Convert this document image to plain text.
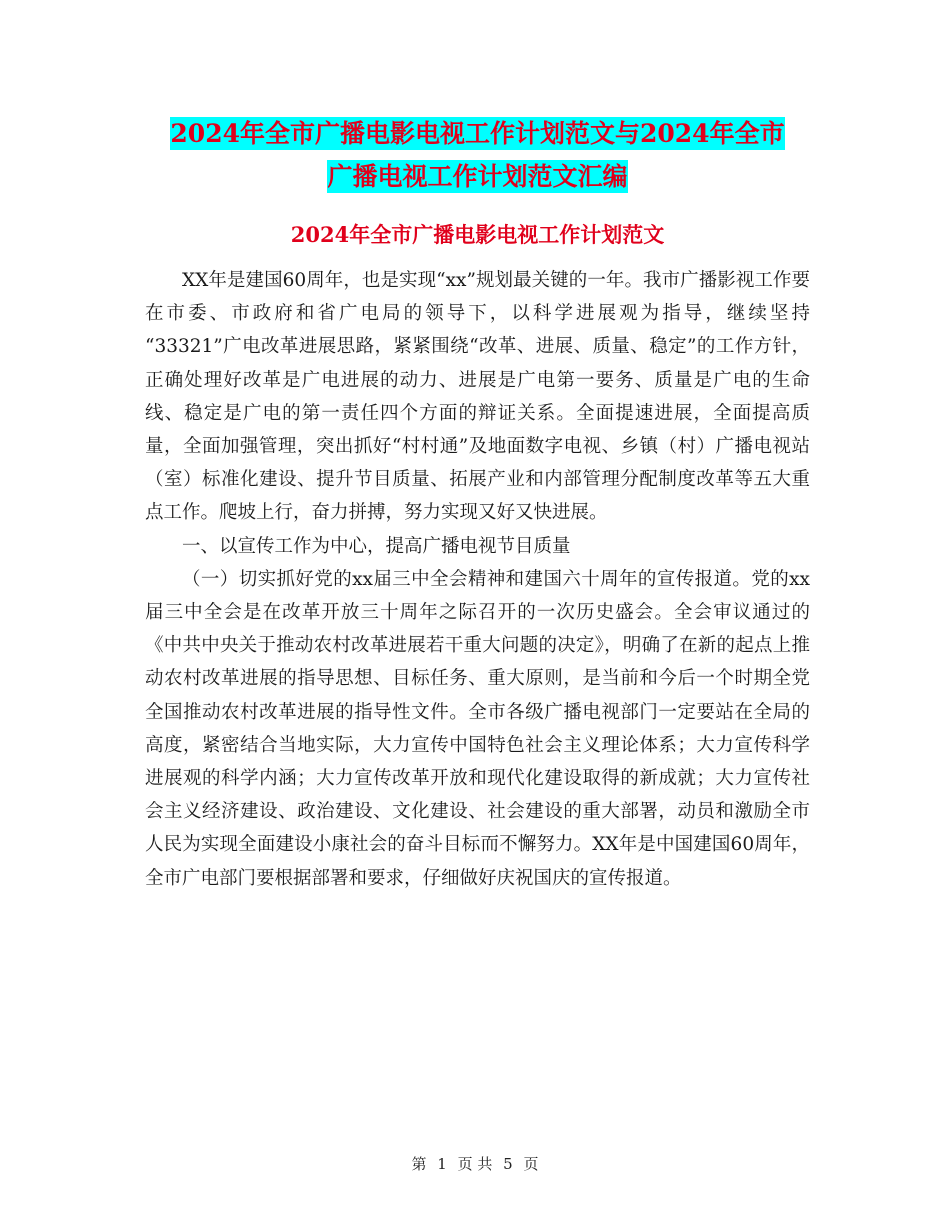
2024年全市广播电影电视工作计划范文与2024年全市
广播电视工作计划范文汇编
2024年全市广播电影电视工作计划范文

XX年是建国60周年，也是实现“xx”规划最关键的一年。我市广播影视工作要在市委、市政府和省广电局的领导下，以科学进展观为指导，继续坚持 “33321”广电改革进展思路，紧紧围绕“改革、进展、质量、稳定”的工作方针，正确处理好改革是广电进展的动力、进展是广电第一要务、质量是广电的生命线、稳定是广电的第一责任四个方面的辩证关系。全面提速进展，全面提高质量，全面加强管理，突出抓好“村村通”及地面数字电视、乡镇（村）广播电视站（室）标准化建设、提升节目质量、拓展产业和内部管理分配制度改革等五大重点工作。爬坡上行，奋力拼搏，努力实现又好又快进展。

一、以宣传工作为中心，提高广播电视节目质量

（一）切实抓好党的xx届三中全会精神和建国六十周年的宣传报道。党的xx届三中全会是在改革开放三十周年之际召开的一次历史盛会。全会审议通过的《中共中央关于推动农村改革进展若干重大问题的决定》，明确了在新的起点上推动农村改革进展的指导思想、目标任务、重大原则，是当前和今后一个时期全党全国推动农村改革进展的指导性文件。全市各级广播电视部门一定要站在全局的高度，紧密结合当地实际，大力宣传中国特色社会主义理论体系；大力宣传科学进展观的科学内涵；大力宣传改革开放和现代化建设取得的新成就；大力宣传社会主义经济建设、政治建设、文化建设、社会建设的重大部署，动员和激励全市人民为实现全面建设小康社会的奋斗目标而不懈努力。XX年是中国建国60周年，全市广电部门要根据部署和要求，仔细做好庆祝国庆的宣传报道。

第 1 页 共 5 页
